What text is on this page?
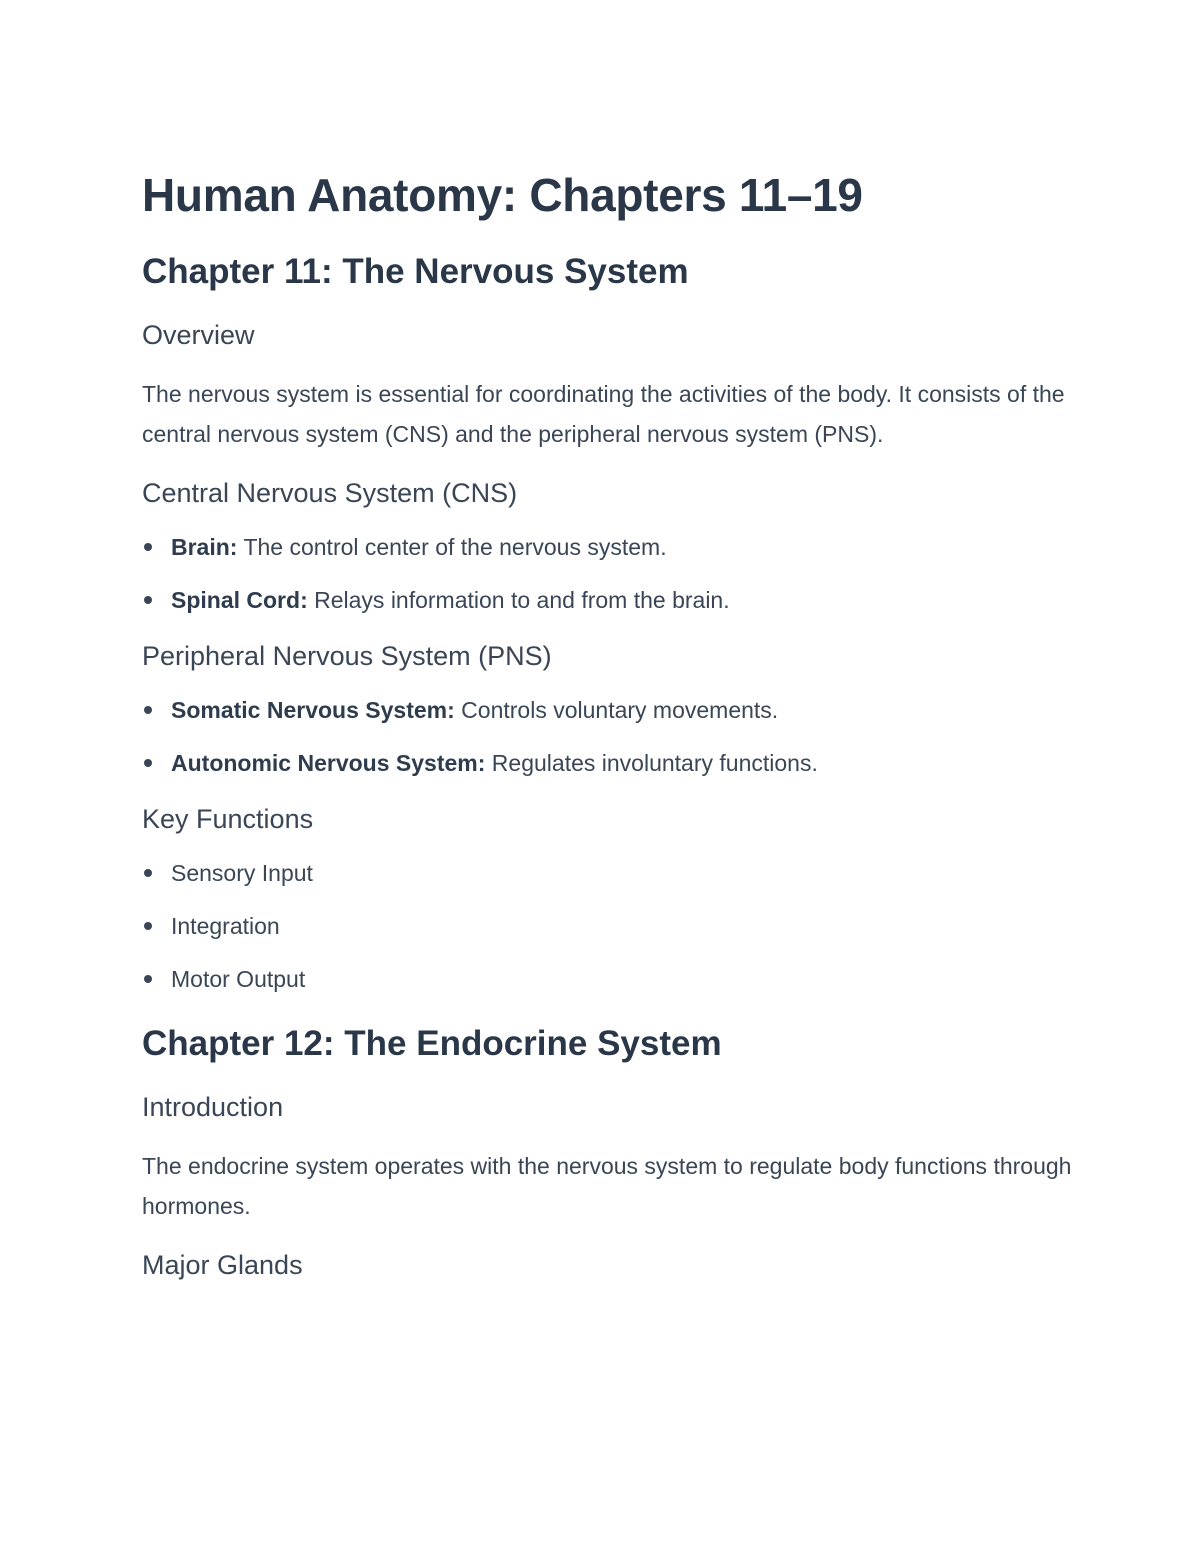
Human Anatomy: Chapters 11–19
Chapter 11: The Nervous System
Overview

The nervous system is essential for coordinating the activities of the body. It consists of the central nervous system (CNS) and the peripheral nervous system (PNS).

Central Nervous System (CNS)
Brain: The control center of the nervous system.
Spinal Cord: Relays information to and from the brain.
Peripheral Nervous System (PNS)
Somatic Nervous System: Controls voluntary movements.
Autonomic Nervous System: Regulates involuntary functions.
Key Functions
Sensory Input
Integration
Motor Output
Chapter 12: The Endocrine System
Introduction

The endocrine system operates with the nervous system to regulate body functions through hormones.

Major Glands
